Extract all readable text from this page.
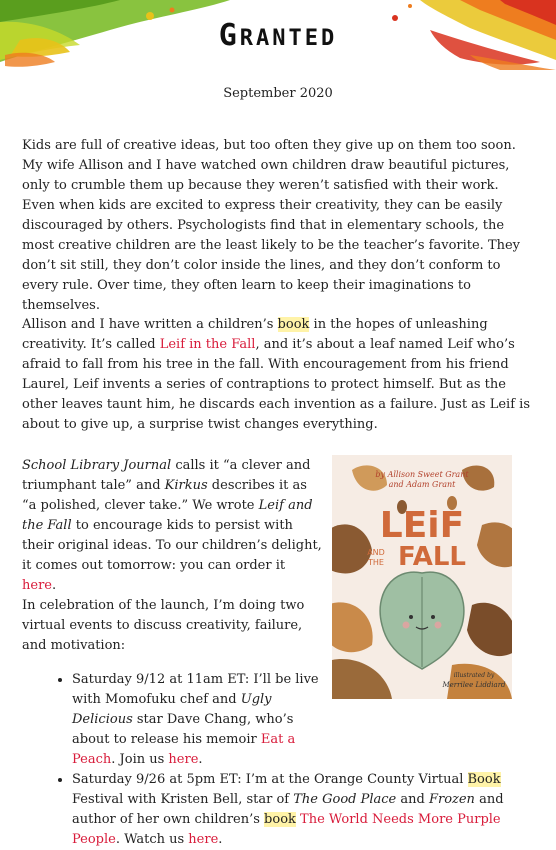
GRANTED
September 2020

Kids are full of creative ideas, but too often they give up on them too soon. My wife Allison and I have watched own children draw beautiful pictures, only to crumble them up because they weren’t satisfied with their work. Even when kids are excited to express their creativity, they can be easily discouraged by others. Psychologists find that in elementary schools, the most creative children are the least likely to be the teacher’s favorite. They don’t sit still, they don’t color inside the lines, and they don’t conform to every rule. Over time, they often learn to keep their imaginations to themselves.

Allison and I have written a children’s book in the hopes of unleashing creativity. It’s called Leif in the Fall, and it’s about a leaf named Leif who’s afraid to fall from his tree in the fall. With encouragement from his friend Laurel, Leif invents a series of contraptions to protect himself. But as the other leaves taunt him, he discards each invention as a failure. Just as Leif is about to give up, a surprise twist changes everything.

School Library Journal calls it “a clever and triumphant tale” and Kirkus describes it as “a polished, clever take.” We wrote Leif and the Fall to encourage kids to persist with their original ideas. To our children’s delight, it comes out tomorrow: you can order it here.

In celebration of the launch, I’m doing two virtual events to discuss creativity, failure, and motivation:

• Saturday 9/12 at 11am ET: I’ll be live with Momofuku chef and Ugly Delicious star Dave Chang, who’s about to release his memoir Eat a Peach. Join us here.
• Saturday 9/26 at 5pm ET: I’m at the Orange County Virtual Book Festival with Kristen Bell, star of The Good Place and Frozen and author of her own children’s book The World Needs More Purple People. Watch us here.
by Allison Sweet Grant
and Adam Grant
LEiF
AND
THE FALL
illustrated by
Merrilee Liddiard
